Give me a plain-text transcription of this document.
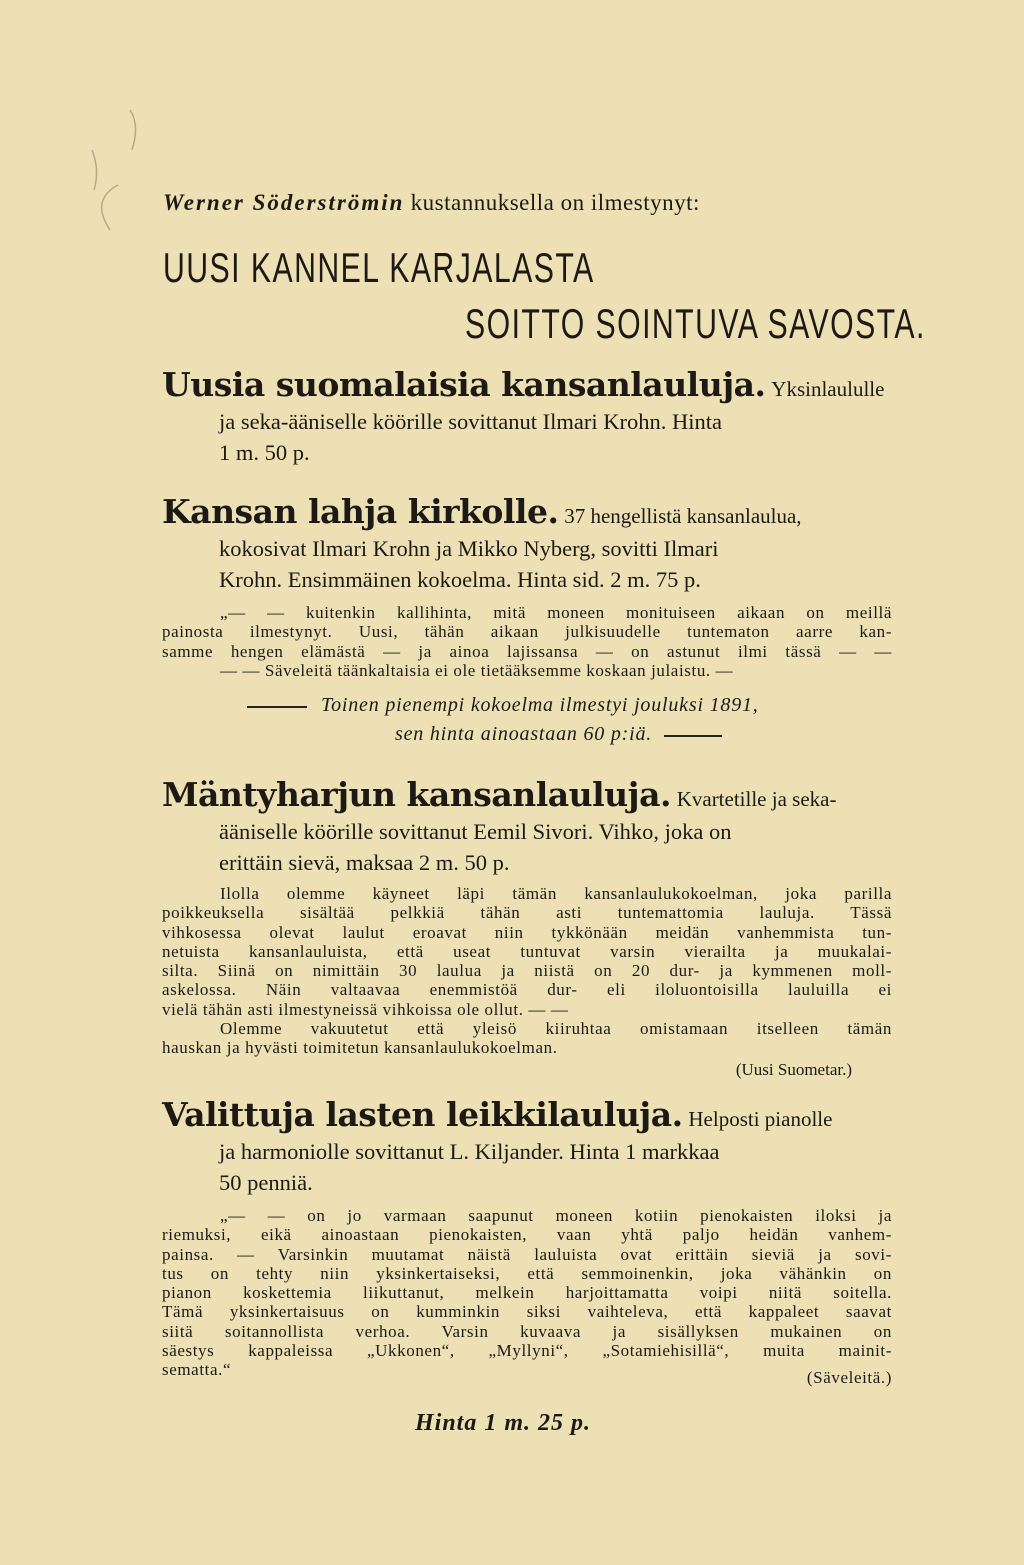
Werner Söderströmin kustannuksella on ilmestynyt:
UUSI KANNEL KARJALASTA
SOITTO SOINTUVA SAVOSTA.
Uusia suomalaisia kansanlauluja. Yksinlaululle
ja seka-ääniselle köörille sovittanut Ilmari Krohn. Hinta
1 m. 50 p.
Kansan lahja kirkolle. 37 hengellistä kansanlaulua,
kokosivat Ilmari Krohn ja Mikko Nyberg, sovitti Ilmari
Krohn. Ensimmäinen kokoelma. Hinta sid. 2 m. 75 p.
„— — kuitenkin kallihinta, mitä moneen monituiseen aikaan on meillä
painosta ilmestynyt. Uusi, tähän aikaan julkisuudelle tuntematon aarre kan-
samme hengen elämästä — ja ainoa lajissansa — on astunut ilmi tässä — —
— — Säveleitä täänkaltaisia ei ole tietääksemme koskaan julaistu. —
Toinen pienempi kokoelma ilmestyi jouluksi 1891,
sen hinta ainoastaan 60 p:iä.
Mäntyharjun kansanlauluja. Kvartetille ja seka-
ääniselle köörille sovittanut Eemil Sivori. Vihko, joka on
erittäin sievä, maksaa 2 m. 50 p.
Ilolla olemme käyneet läpi tämän kansanlaulukokoelman, joka parilla
poikkeuksella sisältää pelkkiä tähän asti tuntemattomia lauluja. Tässä
vihkosessa olevat laulut eroavat niin tykkönään meidän vanhemmista tun-
netuista kansanlauluista, että useat tuntuvat varsin vierailta ja muukalai-
silta. Siinä on nimittäin 30 laulua ja niistä on 20 dur- ja kymmenen moll-
askelossa. Näin valtaavaa enemmistöä dur- eli iloluontoisilla lauluilla ei
vielä tähän asti ilmestyneissä vihkoissa ole ollut. — —
Olemme vakuutetut että yleisö kiiruhtaa omistamaan itselleen tämän
hauskan ja hyvästi toimitetun kansanlaulukokoelman.
(Uusi Suometar.)
Valittuja lasten leikkilauluja. Helposti pianolle
ja harmoniolle sovittanut L. Kiljander. Hinta 1 markkaa
50 penniä.
„— — on jo varmaan saapunut moneen kotiin pienokaisten iloksi ja
riemuksi, eikä ainoastaan pienokaisten, vaan yhtä paljo heidän vanhem-
painsa. — Varsinkin muutamat näistä lauluista ovat erittäin sieviä ja sovi-
tus on tehty niin yksinkertaiseksi, että semmoinenkin, joka vähänkin on
pianon koskettemia liikuttanut, melkein harjoittamatta voipi niitä soitella.
Tämä yksinkertaisuus on kumminkin siksi vaihteleva, että kappaleet saavat
siitä soitannollista verhoa. Varsin kuvaava ja sisällyksen mukainen on
säestys kappaleissa „Ukkonen“, „Myllyni“, „Sotamiehisillä“, muita mainit-
sematta.“	(Säveleitä.)
Hinta 1 m. 25 p.
